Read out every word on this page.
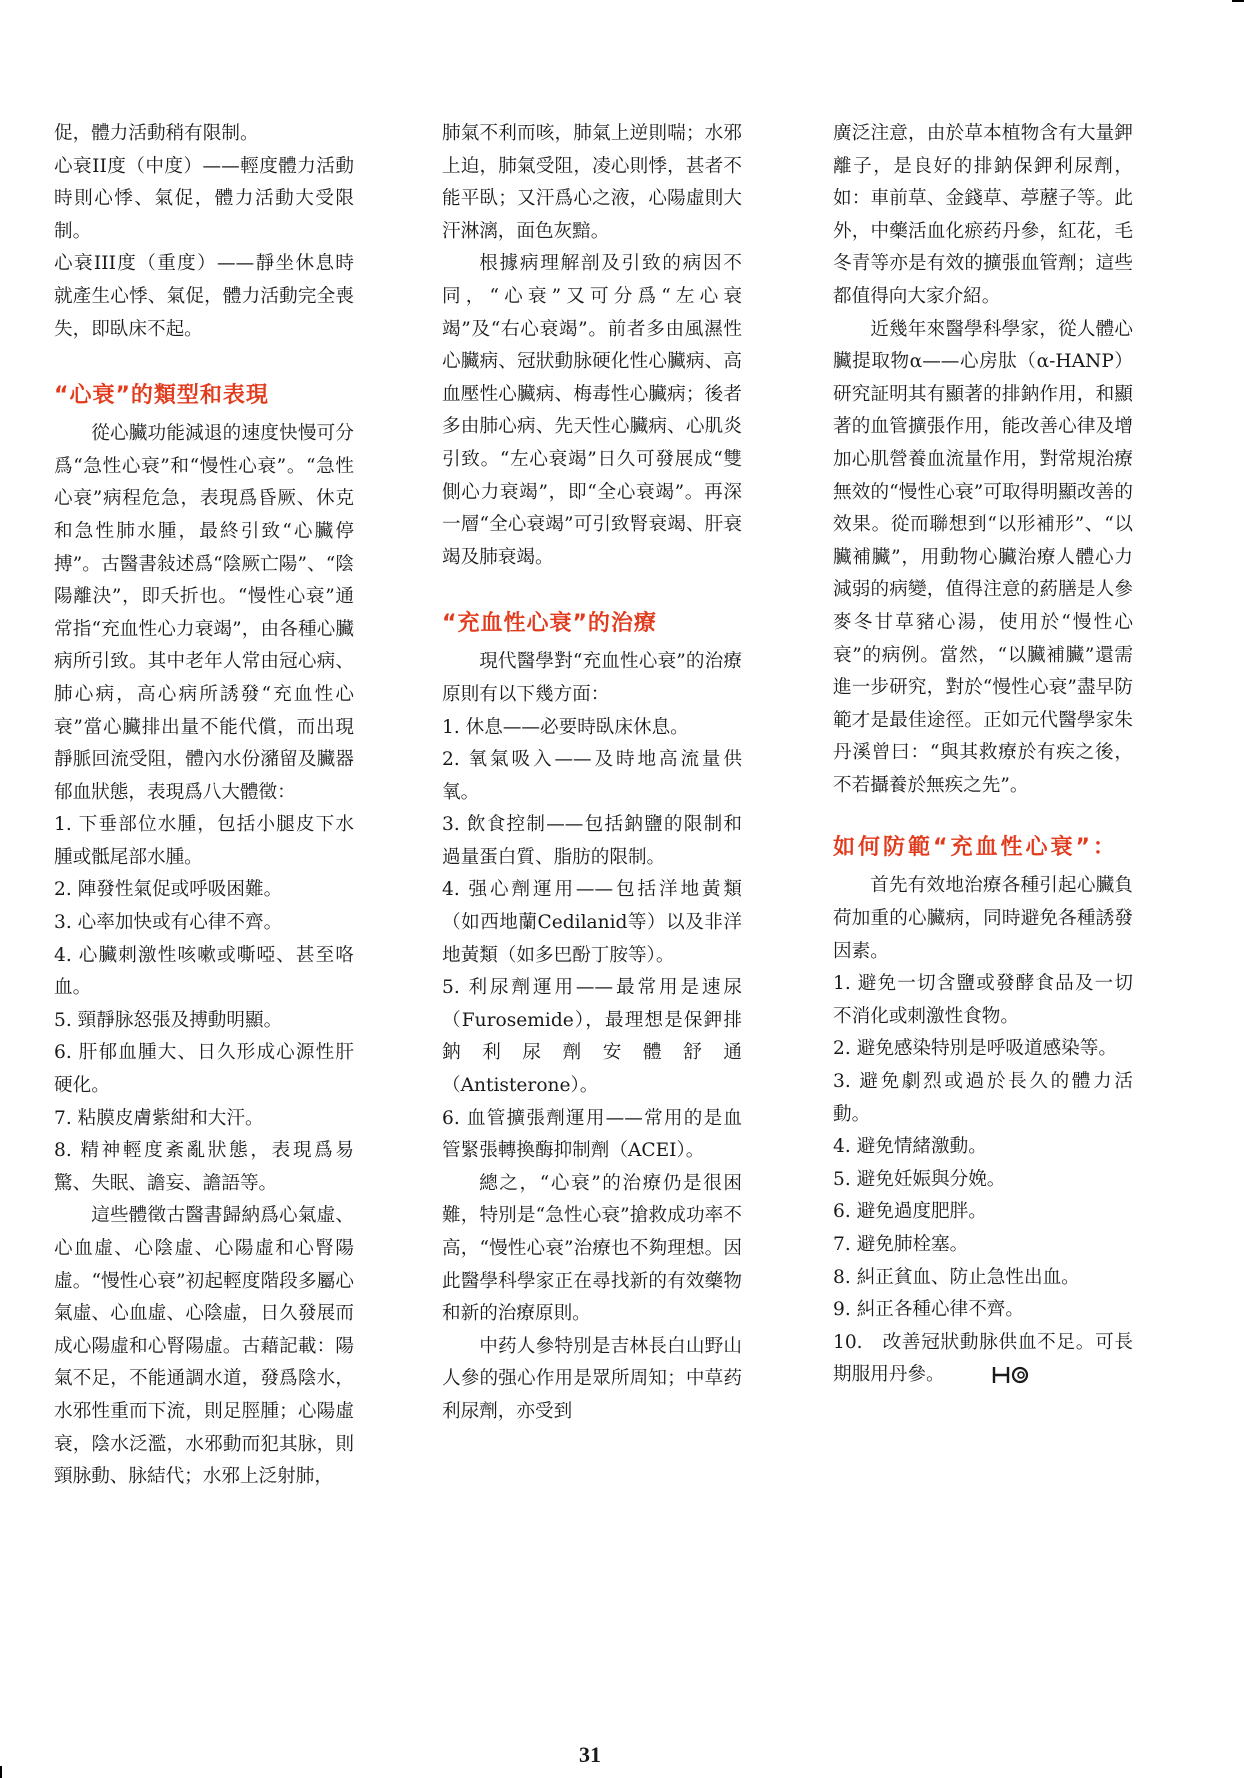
促，體力活動稍有限制。

心衰II度（中度）——輕度體力活動時則心悸、氣促，體力活動大受限制。

心衰III度（重度）——靜坐休息時就產生心悸、氣促，體力活動完全喪失，即臥床不起。

“心衰”的類型和表現

從心臟功能減退的速度快慢可分爲“急性心衰”和“慢性心衰”。“急性心衰”病程危急，表現爲昏厥、休克和急性肺水腫，最終引致“心臟停搏”。古醫書敍述爲“陰厥亡陽”、“陰陽離決”，即夭折也。“慢性心衰”通常指“充血性心力衰竭”，由各種心臟病所引致。其中老年人常由冠心病、肺心病，高心病所誘發“充血性心衰”當心臟排出量不能代償，而出現靜脈回流受阻，體內水份瀦留及臟器郁血狀態，表現爲八大體徵：

1. 下垂部位水腫，包括小腿皮下水腫或骶尾部水腫。

2. 陣發性氣促或呼吸困難。

3. 心率加快或有心律不齊。

4. 心臟刺激性咳嗽或嘶啞、甚至咯血。

5. 頸靜脉怒張及搏動明顯。

6. 肝郁血腫大、日久形成心源性肝硬化。

7. 粘膜皮膚紫紺和大汗。

8. 精神輕度紊亂狀態，表現爲易驚、失眠、譫妄、譫語等。

這些體徵古醫書歸納爲心氣虛、心血虛、心陰虛、心陽虛和心腎陽虛。“慢性心衰”初起輕度階段多屬心氣虛、心血虛、心陰虛，日久發展而成心陽虛和心腎陽虛。古藉記載：陽氣不足，不能通調水道，發爲陰水，水邪性重而下流，則足脛腫；心陽虛衰，陰水泛濫，水邪動而犯其脉，則頸脉動、脉結代；水邪上泛射肺，

肺氣不利而咳，肺氣上逆則喘；水邪上迫，肺氣受阻，凌心則悸，甚者不能平臥；又汗爲心之液，心陽虛則大汗淋漓，面色灰黯。

根據病理解剖及引致的病因不同，“心衰”又可分爲“左心衰竭”及“右心衰竭”。前者多由風濕性心臟病、冠狀動脉硬化性心臟病、高血壓性心臟病、梅毒性心臟病；後者多由肺心病、先天性心臟病、心肌炎引致。“左心衰竭”日久可發展成“雙側心力衰竭”，即“全心衰竭”。再深一層“全心衰竭”可引致腎衰竭、肝衰竭及肺衰竭。

“充血性心衰”的治療

現代醫學對“充血性心衰”的治療原則有以下幾方面：

1. 休息——必要時臥床休息。

2. 氧氣吸入——及時地高流量供氧。

3. 飲食控制——包括鈉鹽的限制和過量蛋白質、脂肪的限制。

4. 强心劑運用——包括洋地黃類（如西地蘭Cedilanid等）以及非洋地黃類（如多巴酚丁胺等）。

5. 利尿劑運用——最常用是速尿（Furosemide），最理想是保鉀排鈉利尿劑安體舒通（Antisterone）。

6. 血管擴張劑運用——常用的是血管緊張轉換酶抑制劑（ACEI）。

總之，“心衰”的治療仍是很困難，特別是“急性心衰”搶救成功率不高，“慢性心衰”治療也不夠理想。因此醫學科學家正在尋找新的有效藥物和新的治療原則。

中药人參特別是吉林長白山野山人參的强心作用是眾所周知；中草药利尿劑，亦受到

廣泛注意，由於草本植物含有大量鉀離子，是良好的排鈉保鉀利尿劑，如：車前草、金錢草、葶藶子等。此外，中藥活血化瘀药丹參，紅花，毛冬青等亦是有效的擴張血管劑；這些都值得向大家介紹。

近幾年來醫學科學家，從人體心臟提取物α——心房肽（α-HANP）研究証明其有顯著的排鈉作用，和顯著的血管擴張作用，能改善心律及增加心肌營養血流量作用，對常規治療無效的“慢性心衰”可取得明顯改善的效果。從而聯想到“以形補形”、“以臟補臟”，用動物心臟治療人體心力減弱的病變，值得注意的葯膳是人參麥冬甘草豬心湯，使用於“慢性心衰”的病例。當然，“以臟補臟”還需進一步研究，對於“慢性心衰”盡早防範才是最佳途徑。正如元代醫學家朱丹溪曾曰：“與其救療於有疾之後，不若攝養於無疾之先”。

如何防範“充血性心衰”：

首先有效地治療各種引起心臟負荷加重的心臟病，同時避免各種誘發因素。

1. 避免一切含鹽或發酵食品及一切不消化或刺激性食物。

2. 避免感染特別是呼吸道感染等。

3. 避免劇烈或過於長久的體力活動。

4. 避免情緒激動。

5. 避免妊娠與分娩。

6. 避免過度肥胖。

7. 避免肺栓塞。

8. 糾正貧血、防止急性出血。

9. 糾正各種心律不齊。

10.　改善冠狀動脉供血不足。可長期服用丹參。

31
